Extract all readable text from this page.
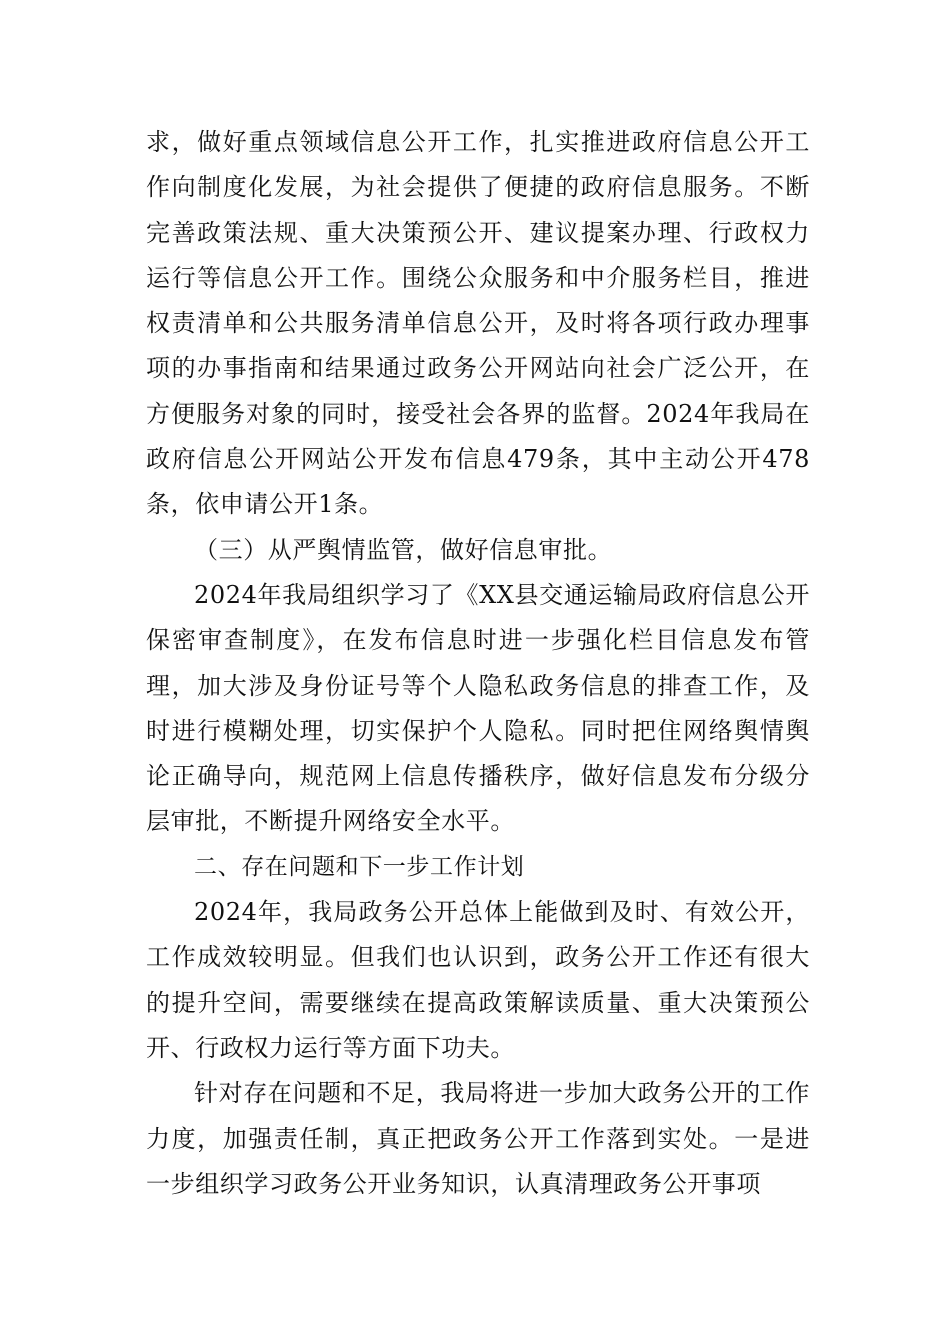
求，做好重点领域信息公开工作，扎实推进政府信息公开工作向制度化发展，为社会提供了便捷的政府信息服务。不断完善政策法规、重大决策预公开、建议提案办理、行政权力运行等信息公开工作。围绕公众服务和中介服务栏目，推进权责清单和公共服务清单信息公开，及时将各项行政办理事项的办事指南和结果通过政务公开网站向社会广泛公开，在方便服务对象的同时，接受社会各界的监督。2024年我局在政府信息公开网站公开发布信息479条，其中主动公开478条，依申请公开1条。

（三）从严舆情监管，做好信息审批。

2024年我局组织学习了《XX县交通运输局政府信息公开保密审查制度》，在发布信息时进一步强化栏目信息发布管理，加大涉及身份证号等个人隐私政务信息的排查工作，及时进行模糊处理，切实保护个人隐私。同时把住网络舆情舆论正确导向，规范网上信息传播秩序，做好信息发布分级分层审批，不断提升网络安全水平。

二、存在问题和下一步工作计划

2024年，我局政务公开总体上能做到及时、有效公开，工作成效较明显。但我们也认识到，政务公开工作还有很大的提升空间，需要继续在提高政策解读质量、重大决策预公开、行政权力运行等方面下功夫。

针对存在问题和不足，我局将进一步加大政务公开的工作力度，加强责任制，真正把政务公开工作落到实处。一是进一步组织学习政务公开业务知识，认真清理政务公开事项
